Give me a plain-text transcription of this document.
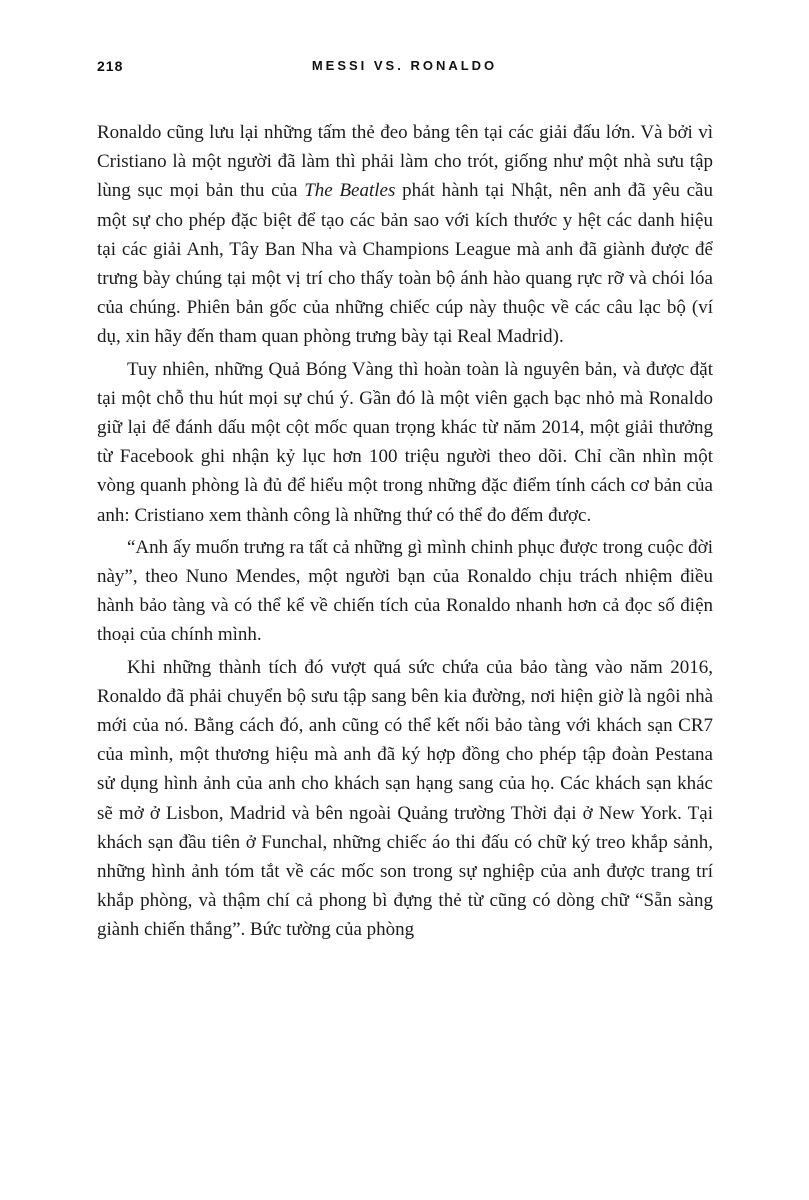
218	MESSI VS. RONALDO

Ronaldo cũng lưu lại những tấm thẻ đeo bảng tên tại các giải đấu lớn. Và bởi vì Cristiano là một người đã làm thì phải làm cho trót, giống như một nhà sưu tập lùng sục mọi bản thu của The Beatles phát hành tại Nhật, nên anh đã yêu cầu một sự cho phép đặc biệt để tạo các bản sao với kích thước y hệt các danh hiệu tại các giải Anh, Tây Ban Nha và Champions League mà anh đã giành được để trưng bày chúng tại một vị trí cho thấy toàn bộ ánh hào quang rực rỡ và chói lóa của chúng. Phiên bản gốc của những chiếc cúp này thuộc về các câu lạc bộ (ví dụ, xin hãy đến tham quan phòng trưng bày tại Real Madrid).

Tuy nhiên, những Quả Bóng Vàng thì hoàn toàn là nguyên bản, và được đặt tại một chỗ thu hút mọi sự chú ý. Gần đó là một viên gạch bạc nhỏ mà Ronaldo giữ lại để đánh dấu một cột mốc quan trọng khác từ năm 2014, một giải thưởng từ Facebook ghi nhận kỷ lục hơn 100 triệu người theo dõi. Chỉ cần nhìn một vòng quanh phòng là đủ để hiểu một trong những đặc điểm tính cách cơ bản của anh: Cristiano xem thành công là những thứ có thể đo đếm được.

“Anh ấy muốn trưng ra tất cả những gì mình chinh phục được trong cuộc đời này”, theo Nuno Mendes, một người bạn của Ronaldo chịu trách nhiệm điều hành bảo tàng và có thể kể về chiến tích của Ronaldo nhanh hơn cả đọc số điện thoại của chính mình.

Khi những thành tích đó vượt quá sức chứa của bảo tàng vào năm 2016, Ronaldo đã phải chuyển bộ sưu tập sang bên kia đường, nơi hiện giờ là ngôi nhà mới của nó. Bằng cách đó, anh cũng có thể kết nối bảo tàng với khách sạn CR7 của mình, một thương hiệu mà anh đã ký hợp đồng cho phép tập đoàn Pestana sử dụng hình ảnh của anh cho khách sạn hạng sang của họ. Các khách sạn khác sẽ mở ở Lisbon, Madrid và bên ngoài Quảng trường Thời đại ở New York. Tại khách sạn đầu tiên ở Funchal, những chiếc áo thi đấu có chữ ký treo khắp sảnh, những hình ảnh tóm tắt về các mốc son trong sự nghiệp của anh được trang trí khắp phòng, và thậm chí cả phong bì đựng thẻ từ cũng có dòng chữ “Sẵn sàng giành chiến thắng”. Bức tường của phòng
